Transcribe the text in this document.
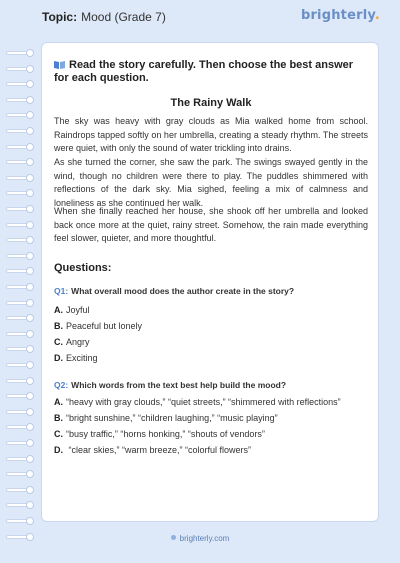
Topic: Mood (Grade 7)	brighterly.
Read the story carefully. Then choose the best answer for each question.
The Rainy Walk

The sky was heavy with gray clouds as Mia walked home from school. Raindrops tapped softly on her umbrella, creating a steady rhythm. The streets were quiet, with only the sound of water trickling into drains.

As she turned the corner, she saw the park. The swings swayed gently in the wind, though no children were there to play. The puddles shimmered with reflections of the dark sky. Mia sighed, feeling a mix of calmness and loneliness as she continued her walk.

When she finally reached her house, she shook off her umbrella and looked back once more at the quiet, rainy street. Somehow, the rain made everything feel slower, quieter, and more thoughtful.

Questions:
Q1: What overall mood does the author create in the story?
A. Joyful
B. Peaceful but lonely
C. Angry
D. Exciting
Q2: Which words from the text best help build the mood?
A. “heavy with gray clouds,” “quiet streets,” “shimmered with reflections”
B. “bright sunshine,” “children laughing,” “music playing”
C. “busy traffic,” “horns honking,” “shouts of vendors”
D. “clear skies,” “warm breeze,” “colorful flowers”
brighterly.com
